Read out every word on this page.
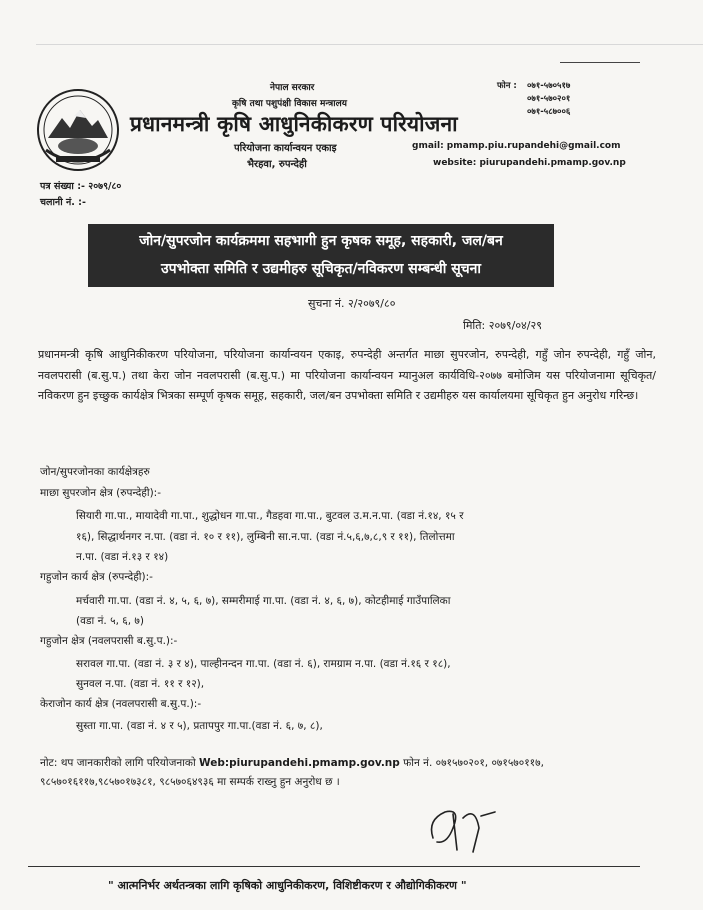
नेपाल सरकार
कृषि तथा पशुपंक्षी विकास मन्त्रालय
प्रधानमन्त्री कृषि आधुनिकीकरण परियोजना
परियोजना कार्यान्वयन एकाइ
भैरहवा, रुपन्देही
फोन : ०७१-५७०५१७
०७१-५७०२०१
०७१-५८७००६
gmail: pmamp.piu.rupandehi@gmail.com
website: piurupandehi.pmamp.gov.np
पत्र संख्या :- २०७९/८०
चलानी नं. :-
जोन/सुपरजोन कार्यक्रममा सहभागी हुन कृषक समूह, सहकारी, जल/बन
उपभोक्ता समिति र उद्यमीहरु सूचिकृत/नविकरण सम्बन्धी सूचना
सुचना नं. २/२०७९/८०
मिति: २०७९/०४/२९
प्रधानमन्त्री कृषि आधुनिकीकरण परियोजना, परियोजना कार्यान्वयन एकाइ, रुपन्देही अन्तर्गत माछा सुपरजोन, रुपन्देही, गहुँ जोन रुपन्देही, गहुँ जोन, नवलपरासी (ब.सु.प.) तथा केरा जोन नवलपरासी (ब.सु.प.) मा परियोजना कार्यान्वयन म्यानुअल कार्यविधि-२०७७ बमोजिम यस परियोजनामा सूचिकृत/नविकरण हुन इच्छुक कार्यक्षेत्र भित्रका सम्पूर्ण कृषक समूह, सहकारी, जल/बन उपभोक्ता समिति र उद्यमीहरु यस कार्यालयमा सूचिकृत हुन अनुरोध गरिन्छ।
जोन/सुपरजोनका कार्यक्षेत्रहरु
माछा सुपरजोन क्षेत्र (रुपन्देही):-
सियारी गा.पा., मायादेवी गा.पा., शुद्धोधन गा.पा., गैडहवा गा.पा., बुटवल उ.म.न.पा. (वडा नं.१४, १५ र
१६), सिद्धार्थनगर न.पा. (वडा नं. १० र ११), लुम्बिनी सा.न.पा. (वडा नं.५,६,७,८,९ र ११), तिलोत्तमा
न.पा. (वडा नं.१३ र १४)
गहुजोन कार्य क्षेत्र (रुपन्देही):-
मर्चवारी गा.पा. (वडा नं. ४, ५, ६, ७), सम्मरीमाई गा.पा. (वडा नं. ४, ६, ७), कोटहीमाई गाउँपालिका
(वडा नं. ५, ६, ७)
गहुजोन क्षेत्र (नवलपरासी ब.सु.प.):-
सरावल गा.पा. (वडा नं. ३ र ४), पाल्हीनन्दन गा.पा. (वडा नं. ६), रामग्राम न.पा. (वडा नं.१६ र १८),
सुनवल न.पा. (वडा नं. ११ र १२),
केराजोन कार्य क्षेत्र (नवलपरासी ब.सु.प.):-
सुस्ता गा.पा. (वडा नं. ४ र ५), प्रतापपुर गा.पा.(वडा नं. ६, ७, ८),
नोट: थप जानकारीको लागि परियोजनाको Web:piurupandehi.pmamp.gov.np फोन नं. ०७१५७०२०१, ०७१५७०११७, ९८५७०१६११७,९८५७०१७३८१, ९८५७०६४९३६ मा सम्पर्क राख्नु हुन अनुरोध छ ।
" आत्मनिर्भर अर्थतन्त्रका लागि कृषिको आधुनिकीकरण, विशिष्टीकरण र औद्योगिकीकरण "
